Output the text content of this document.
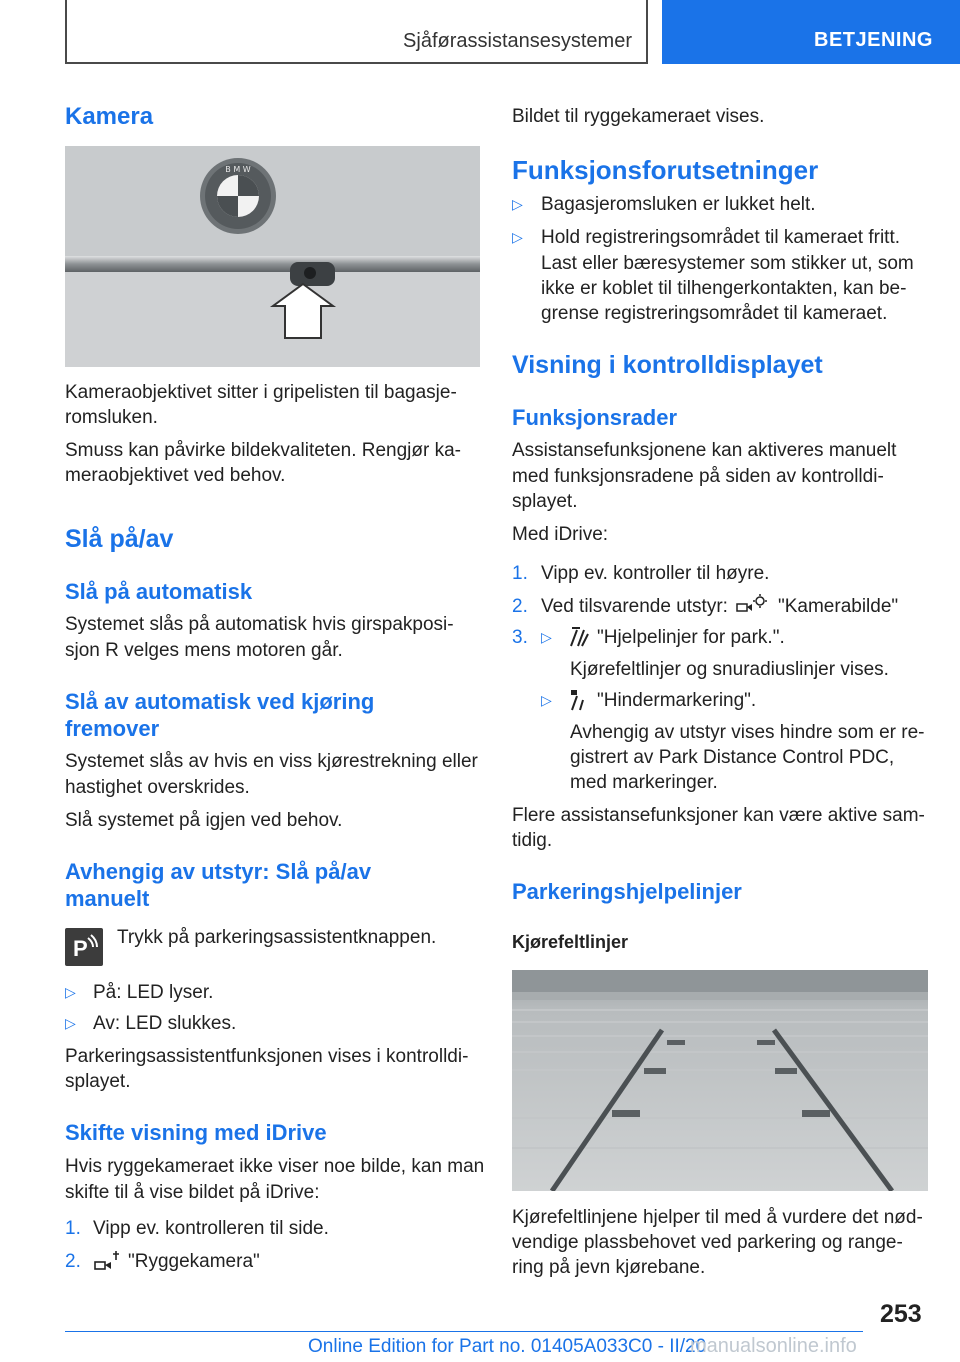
Sjåførassistansesystemer	BETJENING
Kamera
B M W
Kameraobjektivet sitter i gripelisten til bagasje-
romsluken.
Smuss kan påvirke bildekvaliteten. Rengjør ka-
meraobjektivet ved behov.
Slå på/av
Slå på automatisk
Systemet slås på automatisk hvis girspakposi-
sjon R velges mens motoren går.
Slå av automatisk ved kjøring
fremover
Systemet slås av hvis en viss kjørestrekning eller
hastighet overskrides.
Slå systemet på igjen ved behov.
Avhengig av utstyr: Slå på/av
manuelt
P Trykk på parkeringsassistentknappen.
▷ På: LED lyser.
▷ Av: LED slukkes.
Parkeringsassistentfunksjonen vises i kontrolldi-
splayet.
Skifte visning med iDrive
Hvis ryggekameraet ikke viser noe bilde, kan man
skifte til å vise bildet på iDrive:
1. Vipp ev. kontrolleren til side.
2. "Ryggekamera"
Bildet til ryggekameraet vises.
Funksjonsforutsetninger
▷ Bagasjeromsluken er lukket helt.
▷ Hold registreringsområdet til kameraet fritt.
Last eller bæresystemer som stikker ut, som
ikke er koblet til tilhengerkontakten, kan be-
grense registreringsområdet til kameraet.
Visning i kontrolldisplayet
Funksjonsrader
Assistansefunksjonene kan aktiveres manuelt
med funksjonsradene på siden av kontrolldi-
splayet.
Med iDrive:
1. Vipp ev. kontroller til høyre.
2. Ved tilsvarende utstyr:	"Kamerabilde"
3. ▷ "Hjelpelinjer for park.".
Kjørefeltlinjer og snuradiuslinjer vises.
▷ "Hindermarkering".
Avhengig av utstyr vises hindre som er re-
gistrert av Park Distance Control PDC,
med markeringer.
Flere assistansefunksjoner kan være aktive sam-
tidig.
Parkeringshjelpelinjer
Kjørefeltlinjer
Kjørefeltlinjene hjelper til med å vurdere det nød-
vendige plassbehovet ved parkering og range-
ring på jevn kjørebane.
253
Online Edition for Part no. 01405A033C0 - II/20
manualsonline.info
